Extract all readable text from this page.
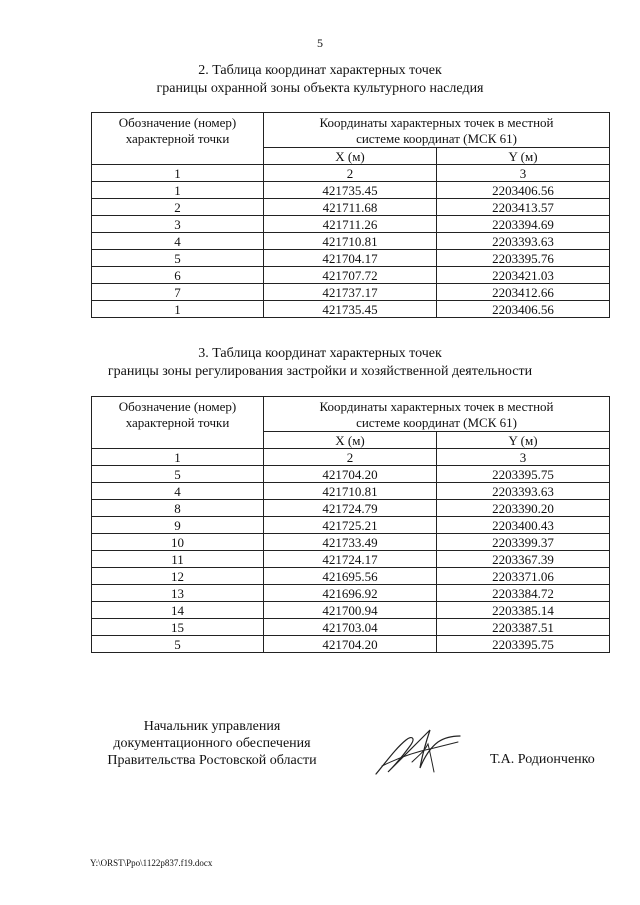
5
2. Таблица координат характерных точек
границы охранной зоны объекта культурного наследия
Обозначение (номер) характерной точки	Координаты характерных точек в местной системе координат (МСК 61)	

	X (м)	Y (м)
1	2	3
1	421735.45	2203406.56
2	421711.68	2203413.57
3	421711.26	2203394.69
4	421710.81	2203393.63
5	421704.17	2203395.76
6	421707.72	2203421.03
7	421737.17	2203412.66
1	421735.45	2203406.56
3. Таблица координат характерных точек
границы зоны регулирования застройки и хозяйственной деятельности
Обозначение (номер) характерной точки	Координаты характерных точек в местной системе координат (МСК 61)	

	X (м)	Y (м)
1	2	3
5	421704.20	2203395.75
4	421710.81	2203393.63
8	421724.79	2203390.20
9	421725.21	2203400.43
10	421733.49	2203399.37
11	421724.17	2203367.39
12	421695.56	2203371.06
13	421696.92	2203384.72
14	421700.94	2203385.14
15	421703.04	2203387.51
5	421704.20	2203395.75
Начальник управления
документационного обеспечения
Правительства Ростовской области	Т.А. Родионченко
Y:\ORST\Ppo\1122p837.f19.docx
